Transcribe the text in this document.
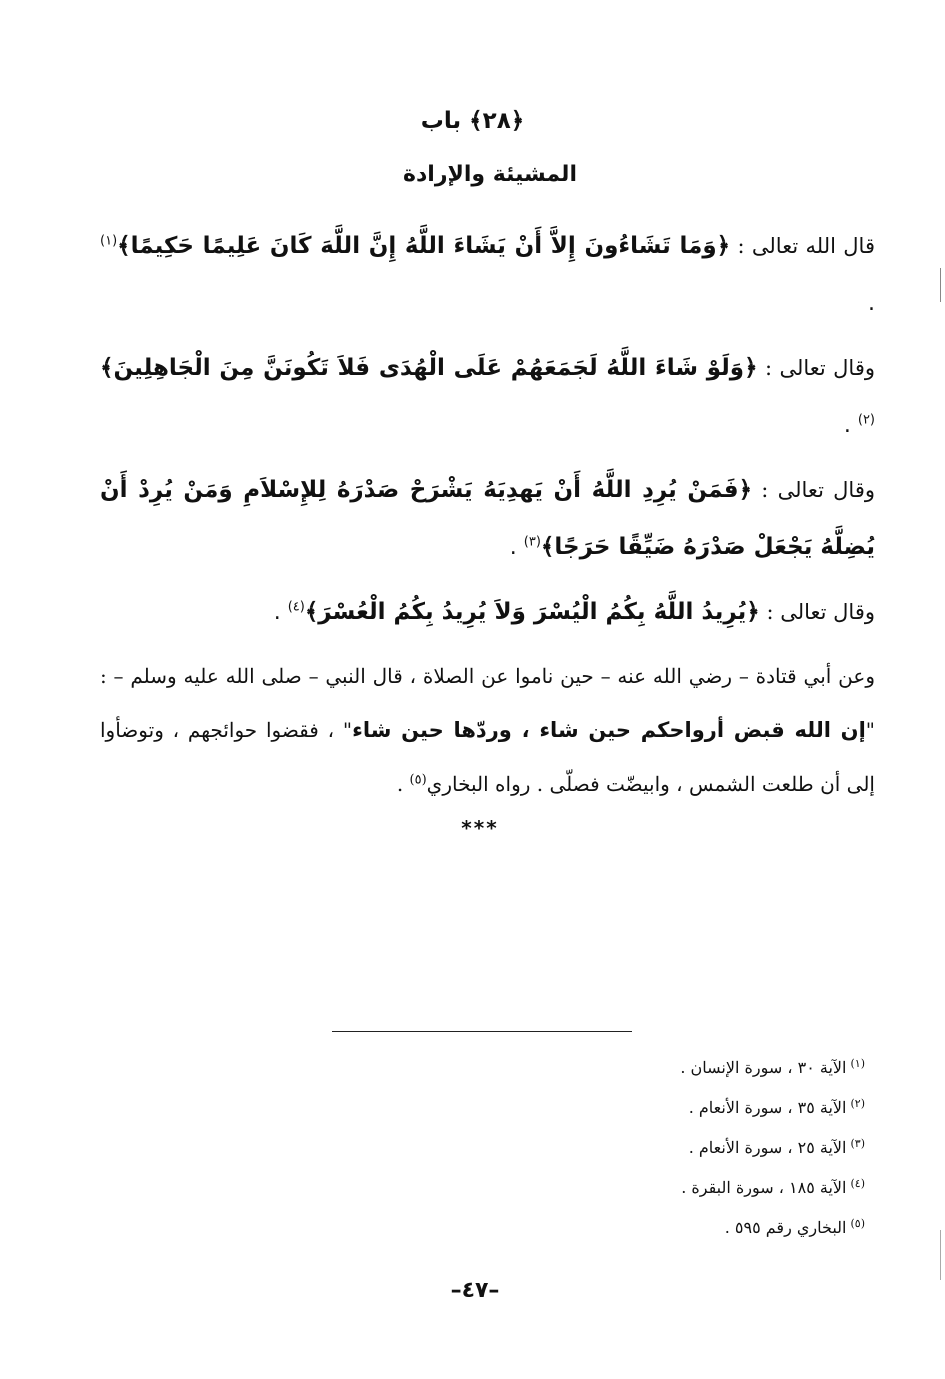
﴿٢٨﴾ باب
المشيئة والإرادة

قال الله تعالى : ﴿وَمَا تَشَاءُونَ إِلاَّ أَنْ يَشَاءَ اللَّهُ إِنَّ اللَّهَ كَانَ عَلِيمًا حَكِيمًا﴾$^{(١)}$ .

وقال تعالى : ﴿وَلَوْ شَاءَ اللَّهُ لَجَمَعَهُمْ عَلَى الْهُدَى فَلاَ تَكُونَنَّ مِنَ الْجَاهِلِينَ﴾$^{(٢)}$ .

وقال تعالى : ﴿فَمَنْ يُرِدِ اللَّهُ أَنْ يَهدِيَهُ يَشْرَحْ صَدْرَهُ لِلإِسْلاَمِ وَمَنْ يُرِدْ أَنْ يُضِلَّهُ يَجْعَلْ صَدْرَهُ ضَيِّقًا حَرَجًا﴾$^{(٣)}$ .

وقال تعالى : ﴿يُرِيدُ اللَّهُ بِكُمُ الْيُسْرَ وَلاَ يُرِيدُ بِكُمُ الْعُسْرَ﴾$^{(٤)}$ .

وعن أبي قتادة – رضي الله عنه – حين ناموا عن الصلاة ، قال النبي – صلى الله عليه وسلم – : "إن الله قبض أرواحكم حين شاء ، وردّها حين شاء" ، فقضوا حوائجهم ، وتوضأوا إلى أن طلعت الشمس ، وابيضّت فصلّى . رواه البخاري$^{(٥)}$ .

***
$^{(١)}$الآية ٣٠ ، سورة الإنسان .
$^{(٢)}$الآية ٣٥ ، سورة الأنعام .
$^{(٣)}$الآية ٢٥ ، سورة الأنعام .
$^{(٤)}$الآية ١٨٥ ، سورة البقرة .
$^{(٥)}$البخاري رقم ٥٩٥ .
–٤٧–
